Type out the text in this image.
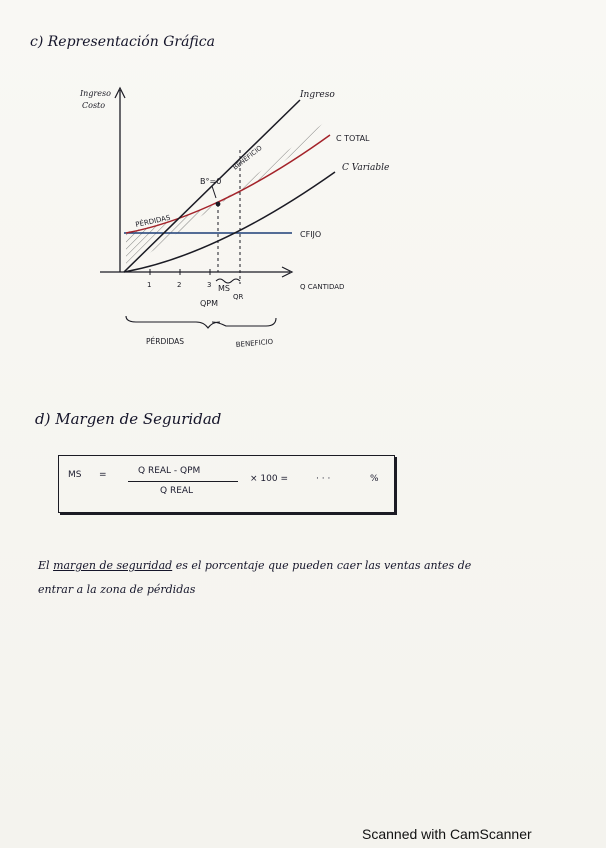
c) Representación Gráfica
Ingreso
Costo
Ingreso
C TOTAL
C Variable
CFIJO
Q CANTIDAD
B°=0
PÉRDIDAS
BENEFICIO
1	2	3 MS
QPM
QR
PÉRDIDAS	BENEFICIO
d) Margen de Seguridad
MS =	Q REAL - QPM
Q REAL
× 100 =	· · ·	%
El margen de seguridad es el porcentaje que pueden caer las ventas antes de
entrar a la zona de pérdidas
Scanned with CamScanner
